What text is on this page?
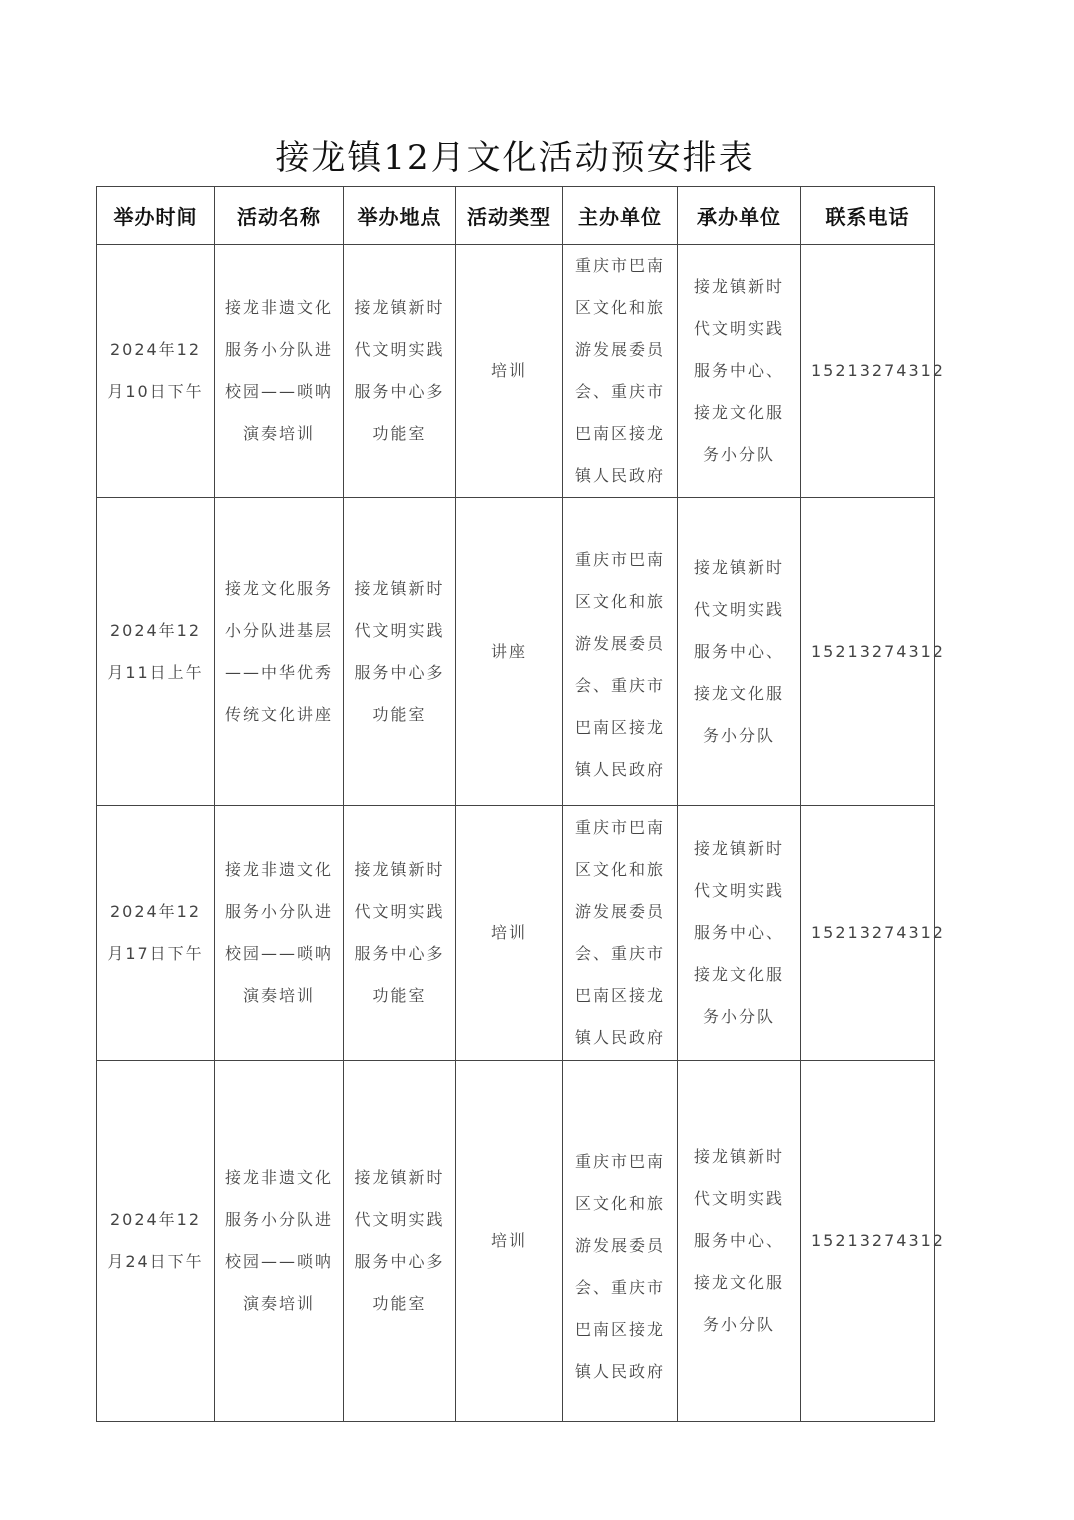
接龙镇12月文化活动预安排表
举办时间	活动名称	举办地点	活动类型	主办单位	承办单位	联系电话
2024年12月10日下午	接龙非遗文化服务小分队进校园——唢呐演奏培训	接龙镇新时代文明实践服务中心多功能室	培训	重庆市巴南区文化和旅游发展委员会、重庆市巴南区接龙镇人民政府	接龙镇新时代文明实践服务中心、接龙文化服务小分队	15213274312
2024年12月11日上午	接龙文化服务小分队进基层——中华优秀传统文化讲座	接龙镇新时代文明实践服务中心多功能室	讲座	重庆市巴南区文化和旅游发展委员会、重庆市巴南区接龙镇人民政府	接龙镇新时代文明实践服务中心、接龙文化服务小分队	15213274312
2024年12月17日下午	接龙非遗文化服务小分队进校园——唢呐演奏培训	接龙镇新时代文明实践服务中心多功能室	培训	重庆市巴南区文化和旅游发展委员会、重庆市巴南区接龙镇人民政府	接龙镇新时代文明实践服务中心、接龙文化服务小分队	15213274312
2024年12月24日下午	接龙非遗文化服务小分队进校园——唢呐演奏培训	接龙镇新时代文明实践服务中心多功能室	培训	重庆市巴南区文化和旅游发展委员会、重庆市巴南区接龙镇人民政府	接龙镇新时代文明实践服务中心、接龙文化服务小分队	15213274312
